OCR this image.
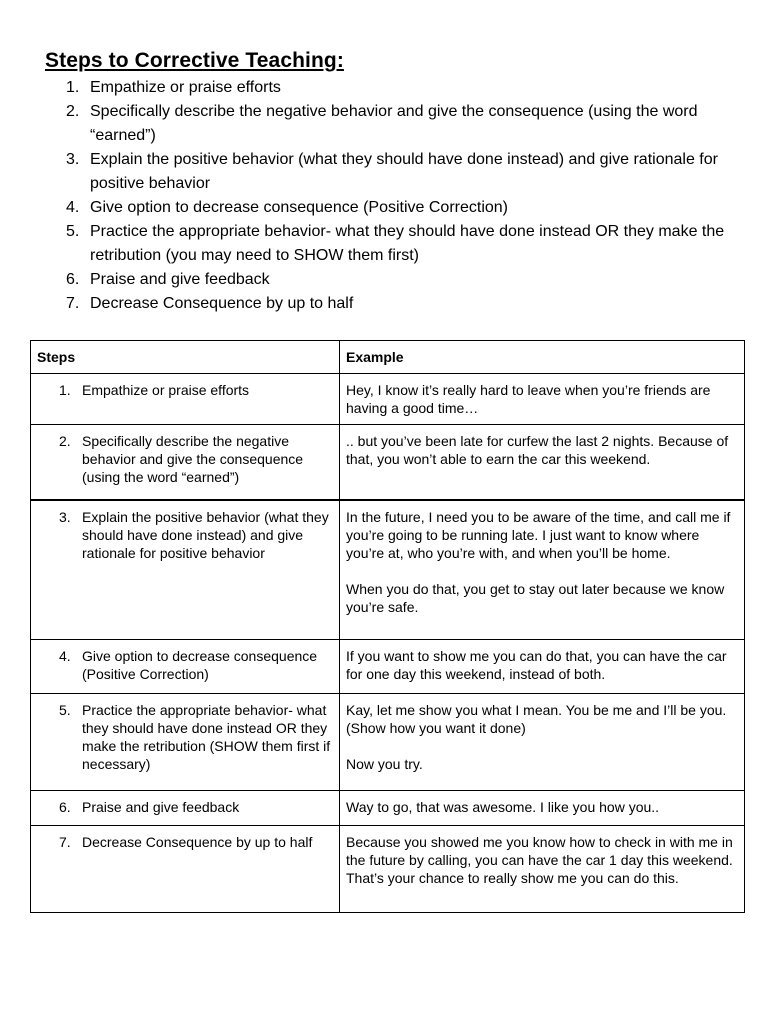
Steps to Corrective Teaching:
1. Empathize or praise efforts
2. Specifically describe the negative behavior and give the consequence (using the word “earned”)
3. Explain the positive behavior (what they should have done instead) and give rationale for positive behavior
4. Give option to decrease consequence (Positive Correction)
5. Practice the appropriate behavior- what they should have done instead OR they make the retribution (you may need to SHOW them first)
6. Praise and give feedback
7. Decrease Consequence by up to half
Steps	Example

1. Empathize or praise efforts	Hey, I know it’s really hard to leave when you’re friends are having a good time…

2. Specifically describe the negative behavior and give the consequence (using the word “earned”)	.. but you’ve been late for curfew the last 2 nights. Because of that, you won’t able to earn the car this weekend.

3. Explain the positive behavior (what they should have done instead) and give rationale for positive behavior	In the future, I need you to be aware of the time, and call me if you’re going to be running late. I just want to know where you’re at, who you’re with, and when you’ll be home.
When you do that, you get to stay out later because we know you’re safe.

4. Give option to decrease consequence (Positive Correction)	If you want to show me you can do that, you can have the car for one day this weekend, instead of both.

5. Practice the appropriate behavior- what they should have done instead OR they make the retribution (SHOW them first if necessary)	Kay, let me show you what I mean. You be me and I’ll be you. (Show how you want it done)
Now you try.

6. Praise and give feedback	Way to go, that was awesome. I like you how you..

7. Decrease Consequence by up to half	Because you showed me you know how to check in with me in the future by calling, you can have the car 1 day this weekend. That’s your chance to really show me you can do this.
